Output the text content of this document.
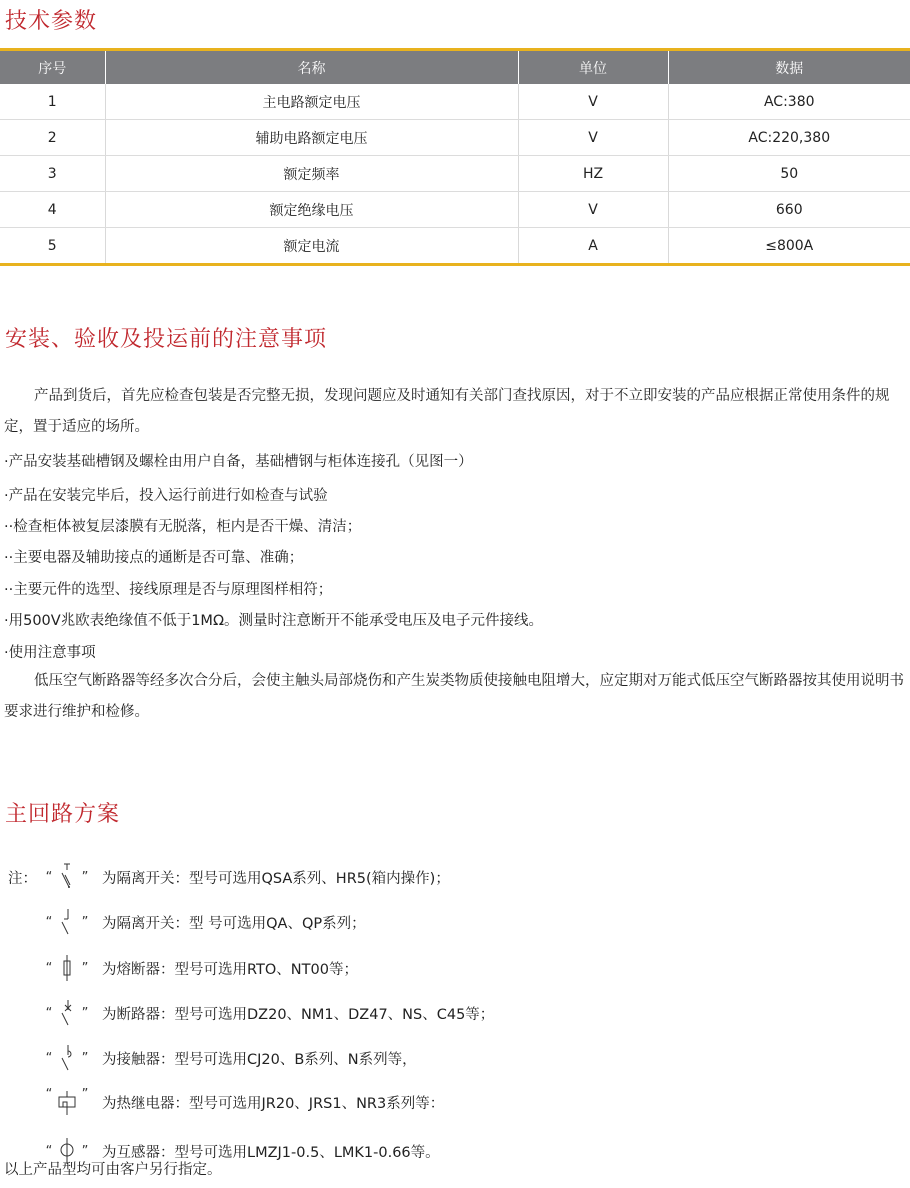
技术参数
序号	名称	单位	数据
1	主电路额定电压	V	AC:380
2	辅助电路额定电压	V	AC:220,380
3	额定频率	HZ	50
4	额定绝缘电压	V	660
5	额定电流	A	≤800A
安装、验收及投运前的注意事项

产品到货后，首先应检查包装是否完整无损，发现问题应及时通知有关部门查找原因，对于不立即安装的产品应根据正常使用条件的规定，置于适应的场所。

·产品安装基础槽钢及螺栓由用户自备，基础槽钢与柜体连接孔（见图一）

·产品在安装完毕后，投入运行前进行如检查与试验

··检查柜体被复层漆膜有无脱落，柜内是否干燥、清洁；

··主要电器及辅助接点的通断是否可靠、准确；

··主要元件的选型、接线原理是否与原理图样相符；

·用500V兆欧表绝缘值不低于1MΩ。测量时注意断开不能承受电压及电子元件接线。

·使用注意事项

低压空气断路器等经多次合分后，会使主触头局部烧伤和产生炭类物质使接触电阻增大，应定期对万能式低压空气断路器按其使用说明书要求进行维护和检修。

主回路方案
注： “ ” 为隔离开关：型号可选用QSA系列、HR5(箱内操作)；
“ ” 为隔离开关：型 号可选用QA、QP系列；
“ ” 为熔断器：型号可选用RTO、NT00等；
“ ” 为断路器：型号可选用DZ20、NM1、DZ47、NS、C45等；
“ ” 为接触器：型号可选用CJ20、B系列、N系列等，
“ ”
为热继电器：型号可选用JR20、JRS1、NR3系列等：
“ ” 为互感器：型号可选用LMZJ1-0.5、LMK1-0.66等。

以上产品型均可由客户另行指定。
